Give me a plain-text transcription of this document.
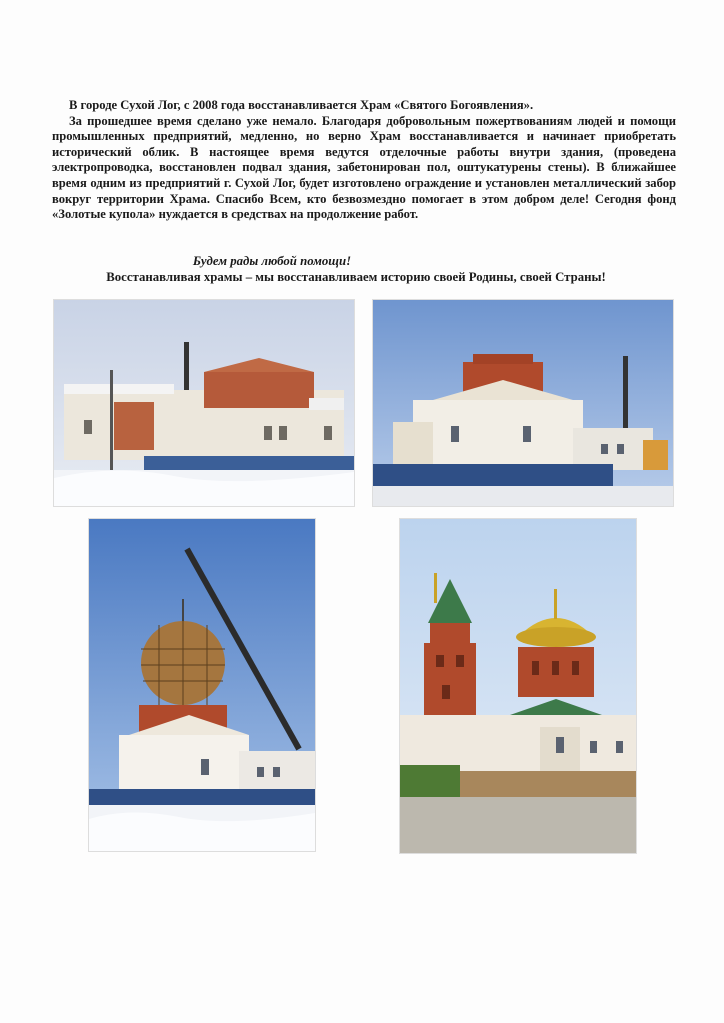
В городе Сухой Лог, с 2008 года восстанавливается Храм «Святого Богоявления».

За прошедшее время сделано уже немало. Благодаря добровольным пожертвованиям людей и помощи промышленных предприятий, медленно, но верно Храм восстанавливается и начинает приобретать исторический облик. В настоящее время ведутся отделочные работы внутри здания, (проведена электропроводка, восстановлен подвал здания, забетонирован пол, оштукатурены стены). В ближайшее время одним из предприятий г. Сухой Лог, будет изготовлено ограждение и установлен металлический забор вокруг территории Храма. Спасибо Всем, кто безвозмездно помогает в этом добром деле! Сегодня фонд «Золотые купола» нуждается в средствах на продолжение работ.

Будем рады любой помощи!
Восстанавливая храмы – мы восстанавливаем историю своей Родины, своей Страны!
